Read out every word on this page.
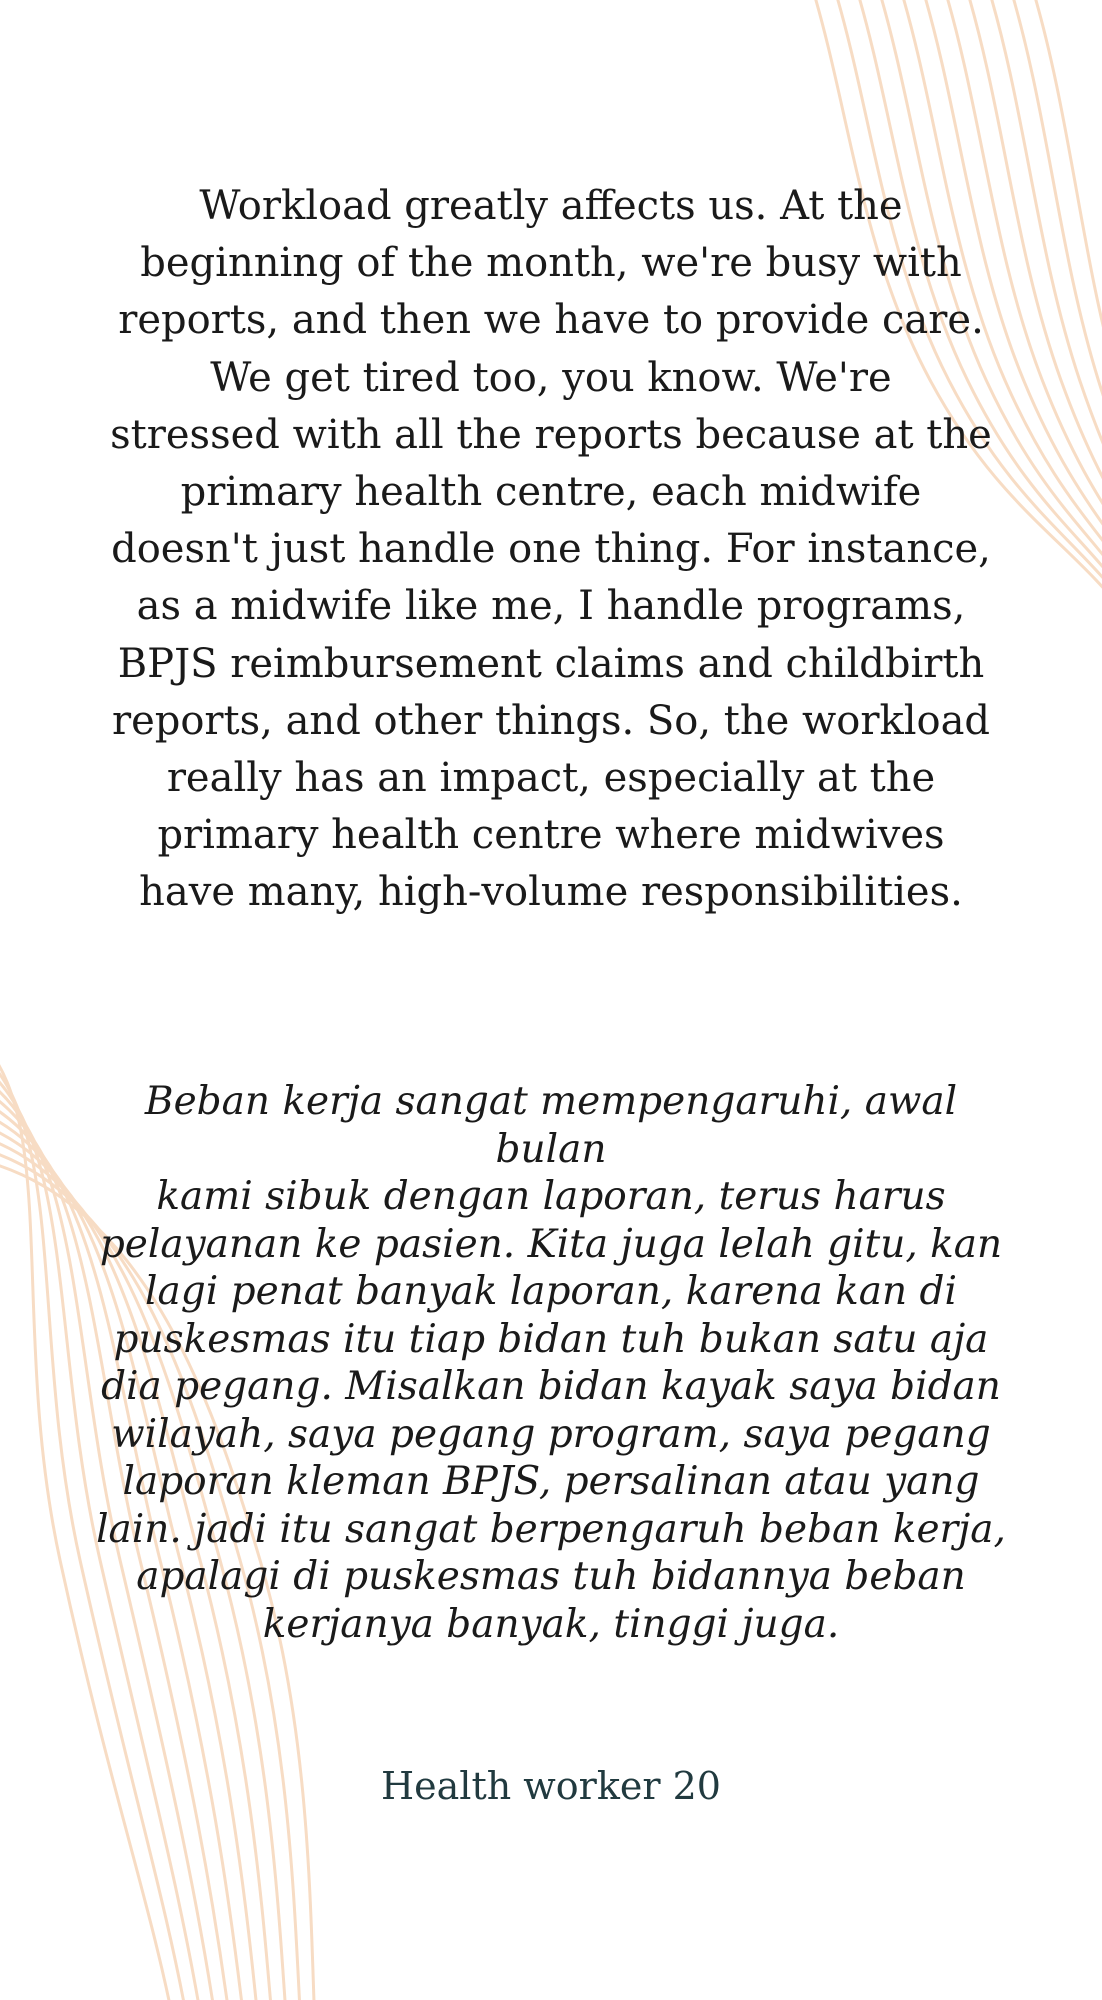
Workload greatly affects us. At the
beginning of the month, we're busy with
reports, and then we have to provide care.
We get tired too, you know. We're
stressed with all the reports because at the
primary health centre, each midwife
doesn't just handle one thing. For instance,
as a midwife like me, I handle programs,
BPJS reimbursement claims and childbirth
reports, and other things. So, the workload
really has an impact, especially at the
primary health centre where midwives
have many, high-volume responsibilities.

Beban kerja sangat mempengaruhi, awal bulan
kami sibuk dengan laporan, terus harus
pelayanan ke pasien. Kita juga lelah gitu, kan
lagi penat banyak laporan, karena kan di
puskesmas itu tiap bidan tuh bukan satu aja
dia pegang. Misalkan bidan kayak saya bidan
wilayah, saya pegang program, saya pegang
laporan kleman BPJS, persalinan atau yang
lain. jadi itu sangat berpengaruh beban kerja,
apalagi di puskesmas tuh bidannya beban
kerjanya banyak, tinggi juga.

Health worker 20
